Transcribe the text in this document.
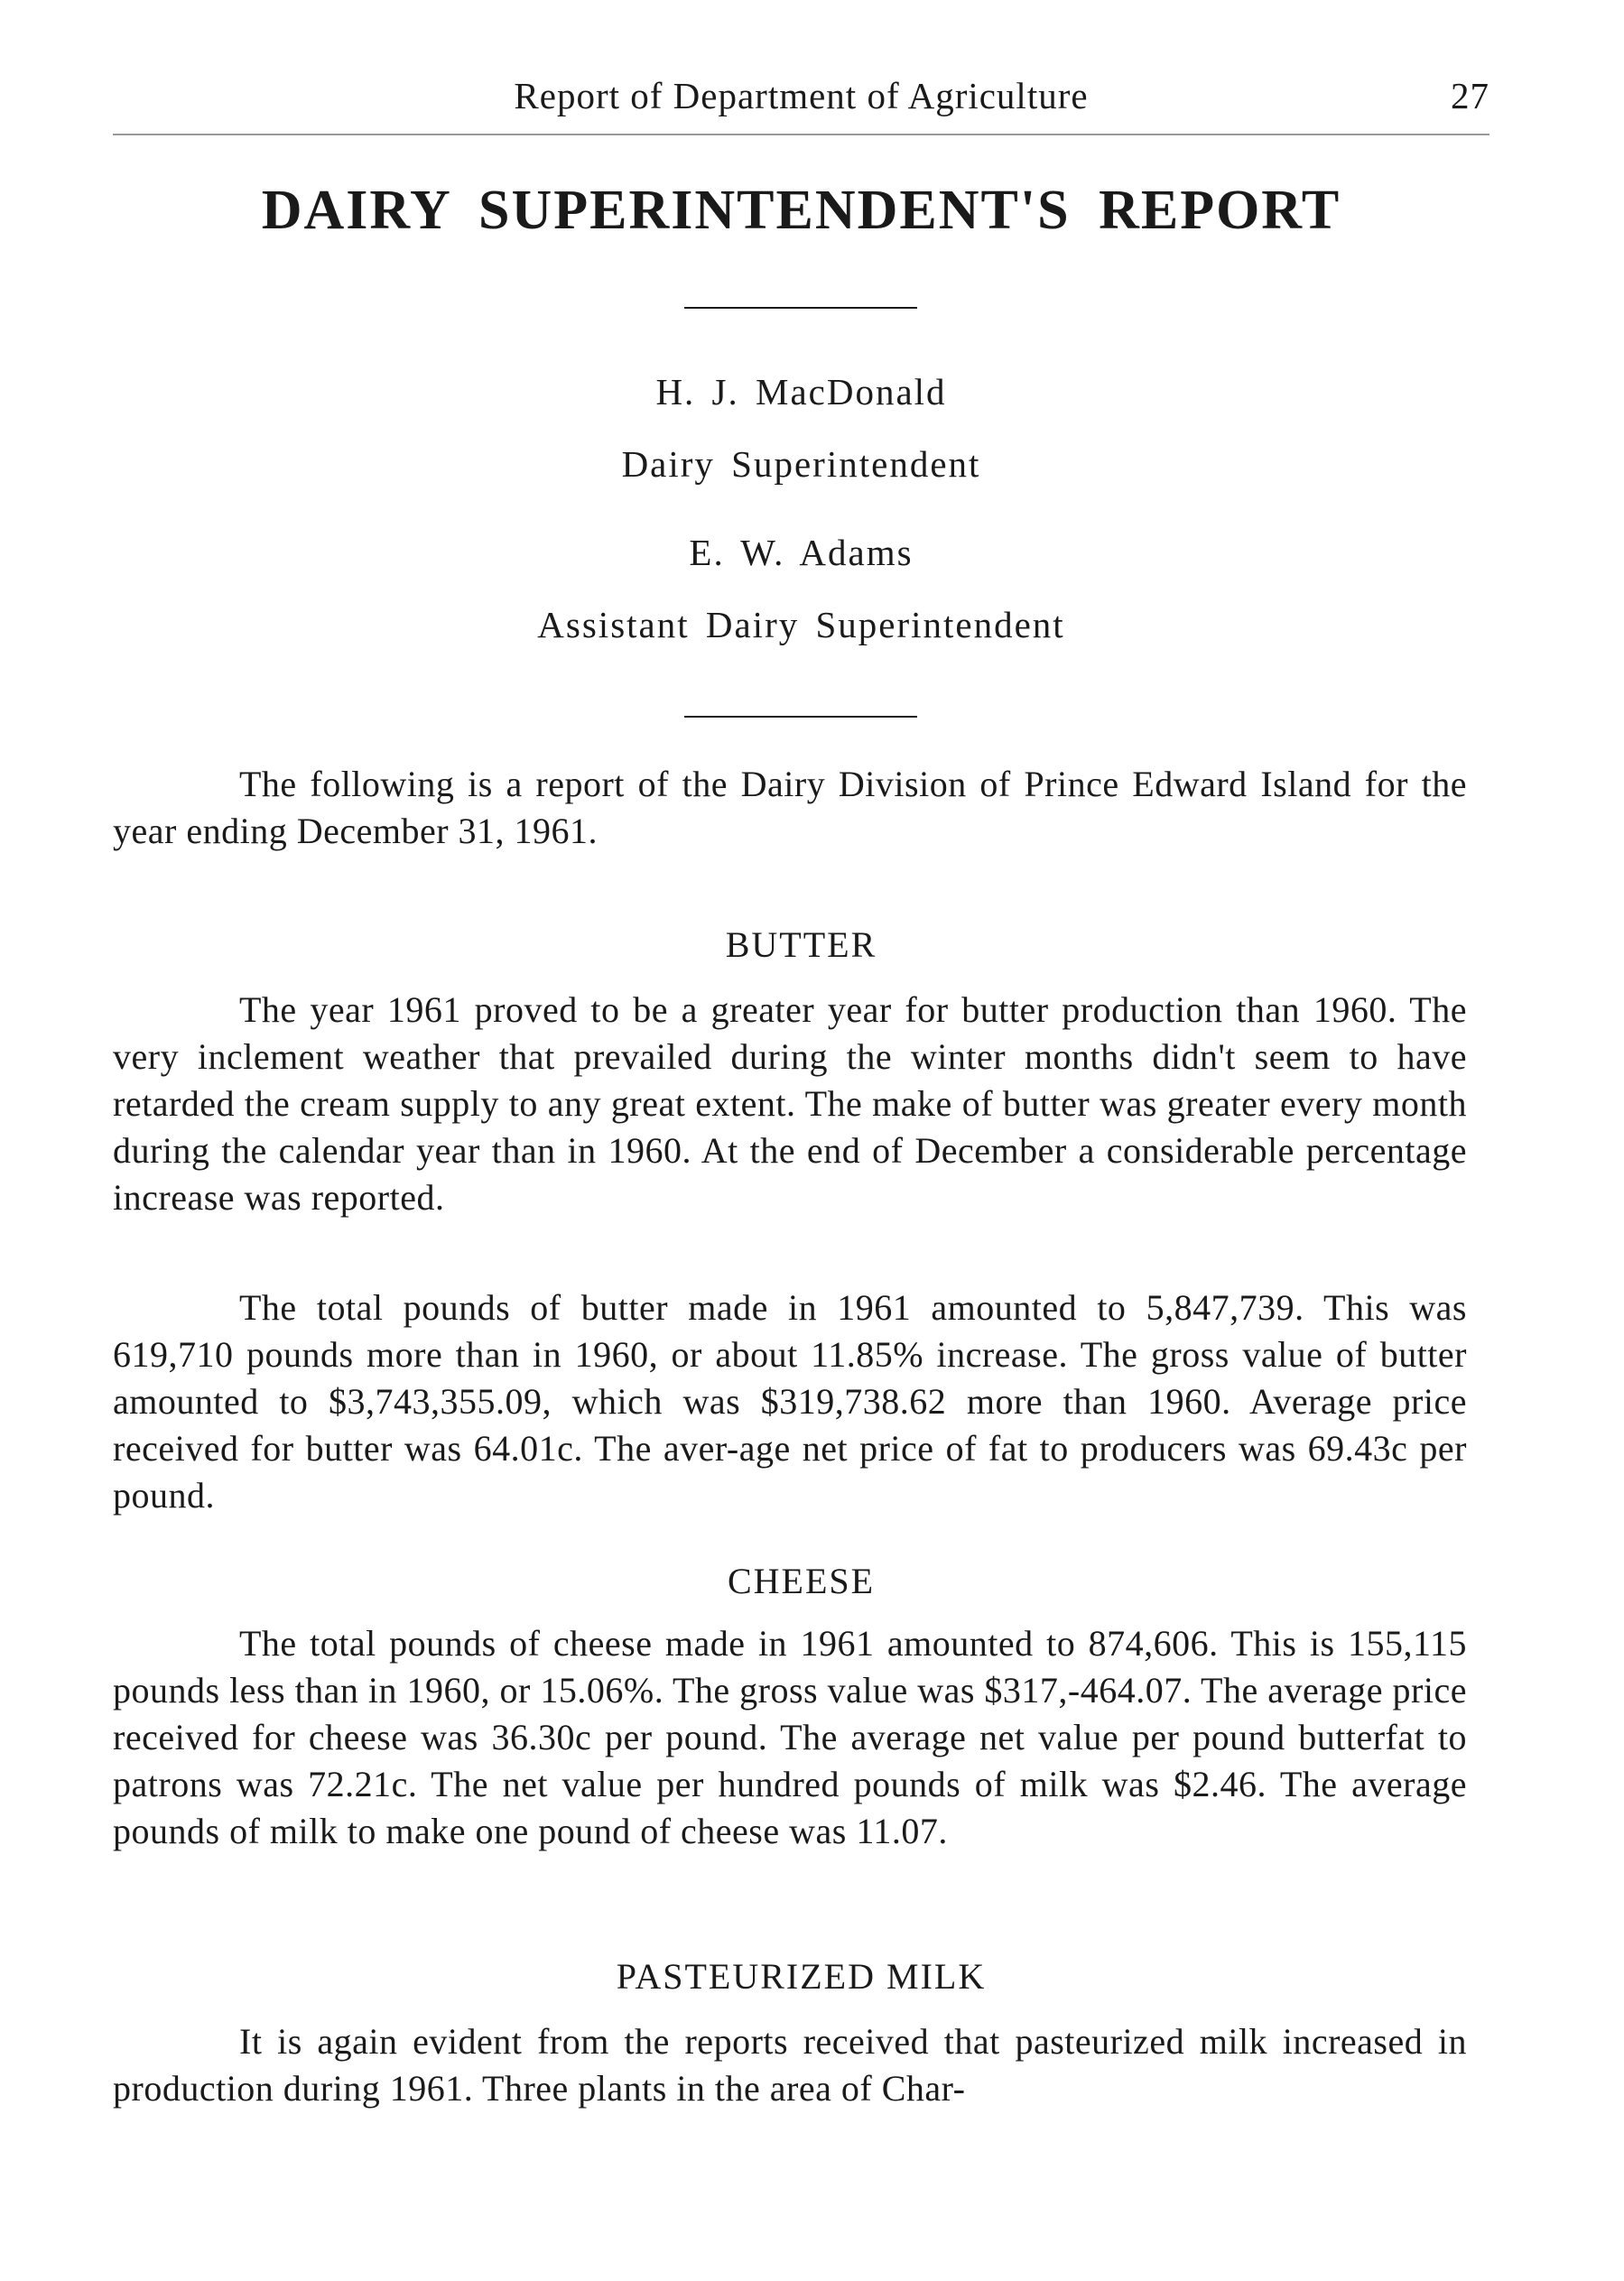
Report of Department of Agriculture	27
DAIRY SUPERINTENDENT'S REPORT
H. J. MacDonald
Dairy Superintendent
E. W. Adams
Assistant Dairy Superintendent

The following is a report of the Dairy Division of Prince Edward Island for the year ending December 31, 1961.

BUTTER

The year 1961 proved to be a greater year for butter production than 1960. The very inclement weather that prevailed during the winter months didn't seem to have retarded the cream supply to any great extent. The make of butter was greater every month during the calendar year than in 1960. At the end of December a considerable percentage increase was reported.

The total pounds of butter made in 1961 amounted to 5,847,739. This was 619,710 pounds more than in 1960, or about 11.85% increase. The gross value of butter amounted to $3,743,355.09, which was $319,738.62 more than 1960. Average price received for butter was 64.01c. The aver-age net price of fat to producers was 69.43c per pound.

CHEESE

The total pounds of cheese made in 1961 amounted to 874,606. This is 155,115 pounds less than in 1960, or 15.06%. The gross value was $317,-464.07. The average price received for cheese was 36.30c per pound. The average net value per pound butterfat to patrons was 72.21c. The net value per hundred pounds of milk was $2.46. The average pounds of milk to make one pound of cheese was 11.07.

PASTEURIZED MILK

It is again evident from the reports received that pasteurized milk increased in production during 1961. Three plants in the area of Char-
